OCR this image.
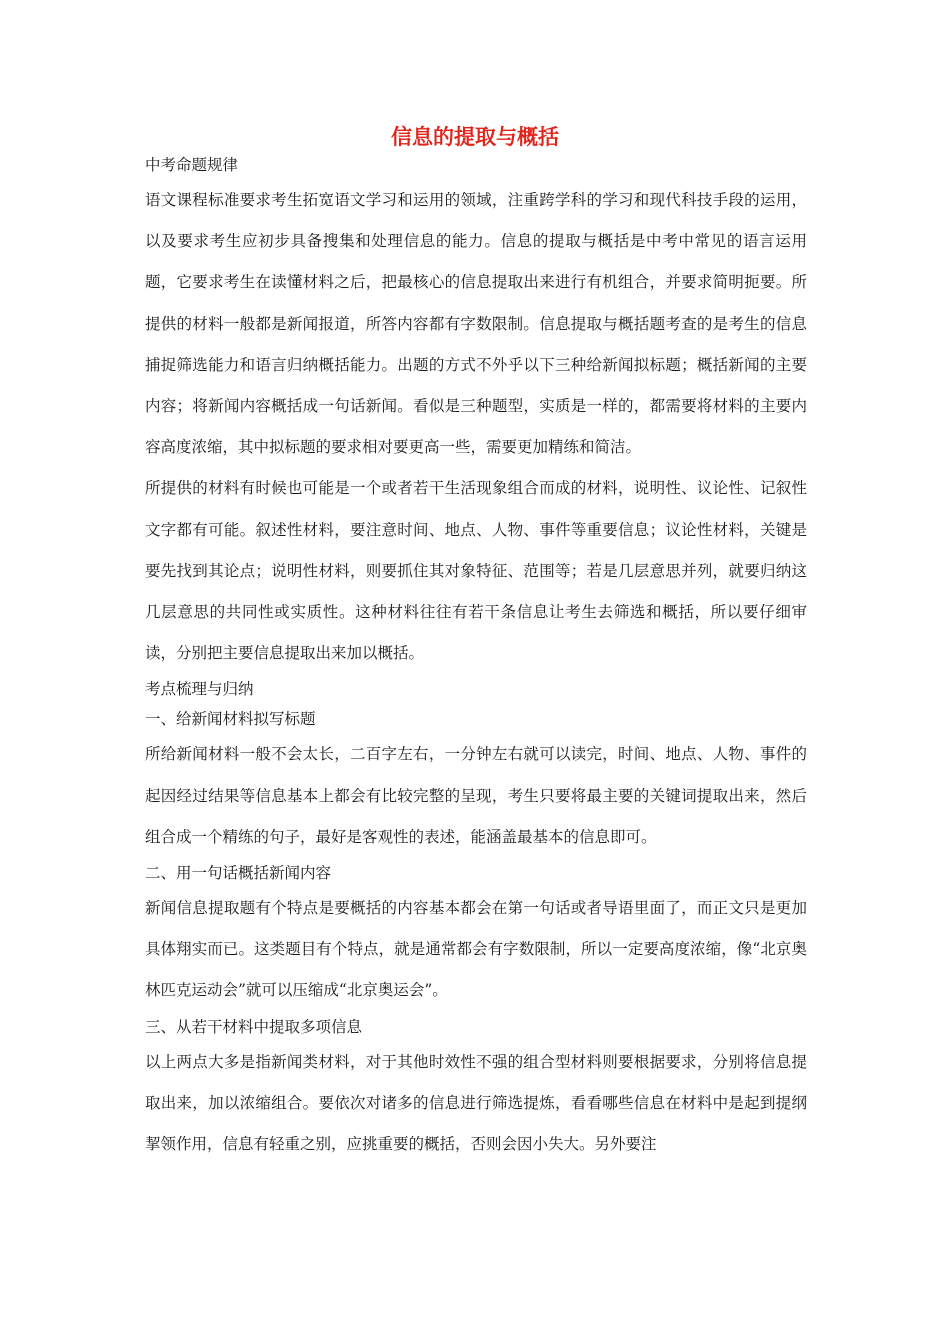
信息的提取与概括

中考命题规律

语文课程标准要求考生拓宽语文学习和运用的领域，注重跨学科的学习和现代科技手段的运用，以及要求考生应初步具备搜集和处理信息的能力。信息的提取与概括是中考中常见的语言运用题，它要求考生在读懂材料之后，把最核心的信息提取出来进行有机组合，并要求简明扼要。所提供的材料一般都是新闻报道，所答内容都有字数限制。信息提取与概括题考查的是考生的信息捕捉筛选能力和语言归纳概括能力。出题的方式不外乎以下三种给新闻拟标题；概括新闻的主要内容；将新闻内容概括成一句话新闻。看似是三种题型，实质是一样的，都需要将材料的主要内容高度浓缩，其中拟标题的要求相对要更高一些，需要更加精练和简洁。

所提供的材料有时候也可能是一个或者若干生活现象组合而成的材料，说明性、议论性、记叙性文字都有可能。叙述性材料，要注意时间、地点、人物、事件等重要信息；议论性材料，关键是要先找到其论点；说明性材料，则要抓住其对象特征、范围等；若是几层意思并列，就要归纳这几层意思的共同性或实质性。这种材料往往有若干条信息让考生去筛选和概括，所以要仔细审读，分别把主要信息提取出来加以概括。

考点梳理与归纳

一、给新闻材料拟写标题

所给新闻材料一般不会太长，二百字左右，一分钟左右就可以读完，时间、地点、人物、事件的起因经过结果等信息基本上都会有比较完整的呈现，考生只要将最主要的关键词提取出来，然后组合成一个精练的句子，最好是客观性的表述，能涵盖最基本的信息即可。

二、用一句话概括新闻内容

新闻信息提取题有个特点是要概括的内容基本都会在第一句话或者导语里面了，而正文只是更加具体翔实而已。这类题目有个特点，就是通常都会有字数限制，所以一定要高度浓缩，像“北京奥林匹克运动会”就可以压缩成“北京奥运会”。

三、从若干材料中提取多项信息

以上两点大多是指新闻类材料，对于其他时效性不强的组合型材料则要根据要求，分别将信息提取出来，加以浓缩组合。要依次对诸多的信息进行筛选提炼，看看哪些信息在材料中是起到提纲挈领作用，信息有轻重之别，应挑重要的概括，否则会因小失大。另外要注
